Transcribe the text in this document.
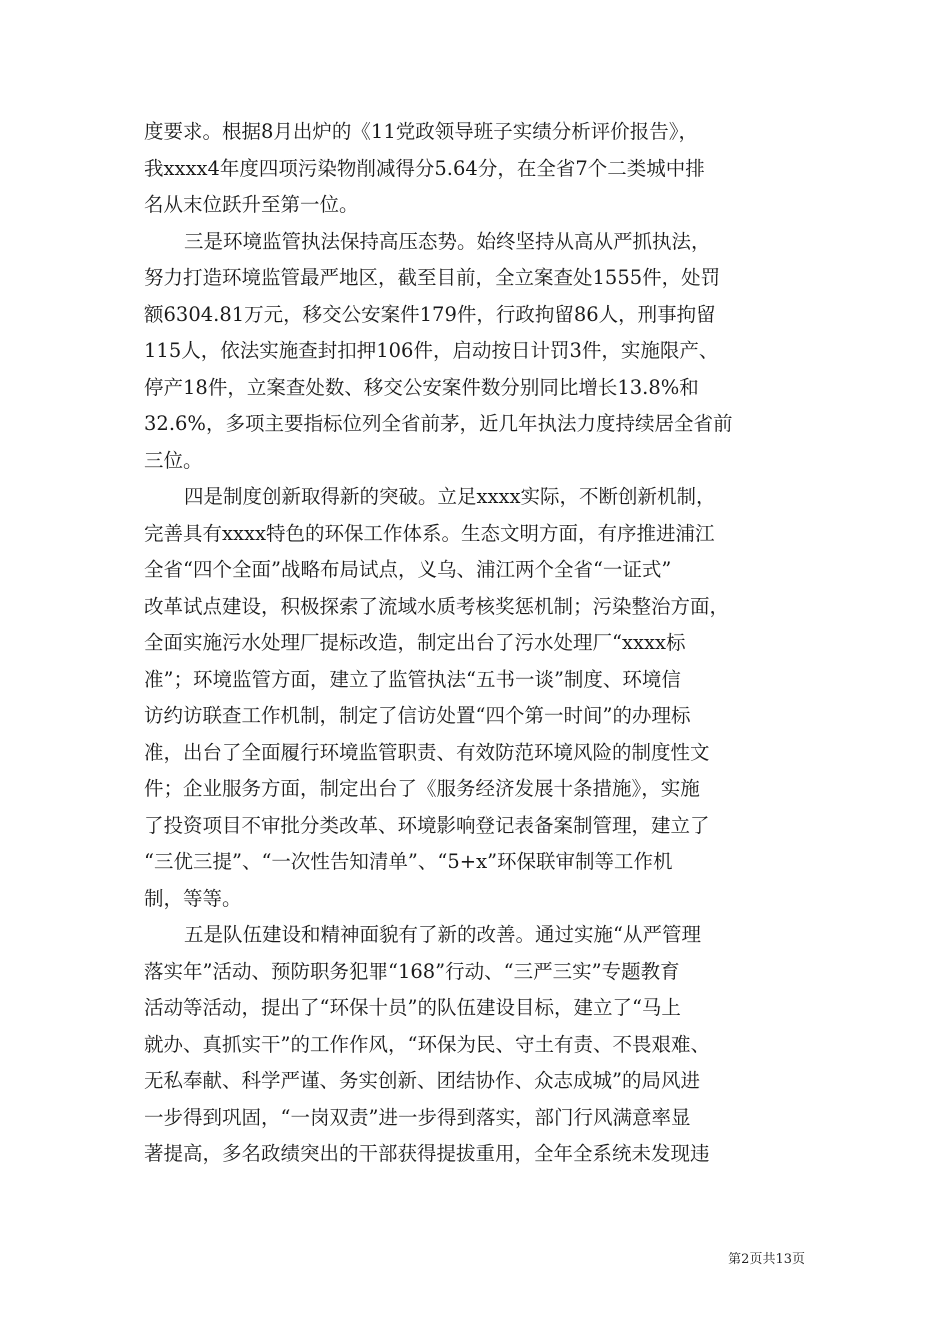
度要求。根据8月出炉的《11党政领导班子实绩分析评价报告》，
我xxxx4年度四项污染物削减得分5.64分，在全省7个二类城中排
名从末位跃升至第一位。
三是环境监管执法保持高压态势。始终坚持从高从严抓执法，
努力打造环境监管最严地区，截至目前，全立案查处1555件，处罚
额6304.81万元，移交公安案件179件，行政拘留86人，刑事拘留
115人，依法实施查封扣押106件，启动按日计罚3件，实施限产、
停产18件，立案查处数、移交公安案件数分别同比增长13.8%和
32.6%，多项主要指标位列全省前茅，近几年执法力度持续居全省前
三位。
四是制度创新取得新的突破。立足xxxx实际，不断创新机制，
完善具有xxxx特色的环保工作体系。生态文明方面，有序推进浦江
全省“四个全面”战略布局试点，义乌、浦江两个全省“一证式”
改革试点建设，积极探索了流域水质考核奖惩机制；污染整治方面，
全面实施污水处理厂提标改造，制定出台了污水处理厂“xxxx标
准”；环境监管方面，建立了监管执法“五书一谈”制度、环境信
访约访联查工作机制，制定了信访处置“四个第一时间”的办理标
准，出台了全面履行环境监管职责、有效防范环境风险的制度性文
件；企业服务方面，制定出台了《服务经济发展十条措施》，实施
了投资项目不审批分类改革、环境影响登记表备案制管理，建立了
“三优三提”、“一次性告知清单”、“5+x”环保联审制等工作机
制，等等。
五是队伍建设和精神面貌有了新的改善。通过实施“从严管理
落实年”活动、预防职务犯罪“168”行动、“三严三实”专题教育
活动等活动，提出了“环保十员”的队伍建设目标，建立了“马上
就办、真抓实干”的工作作风，“环保为民、守土有责、不畏艰难、
无私奉献、科学严谨、务实创新、团结协作、众志成城”的局风进
一步得到巩固，“一岗双责”进一步得到落实，部门行风满意率显
著提高，多名政绩突出的干部获得提拔重用，全年全系统未发现违
第2页共13页
